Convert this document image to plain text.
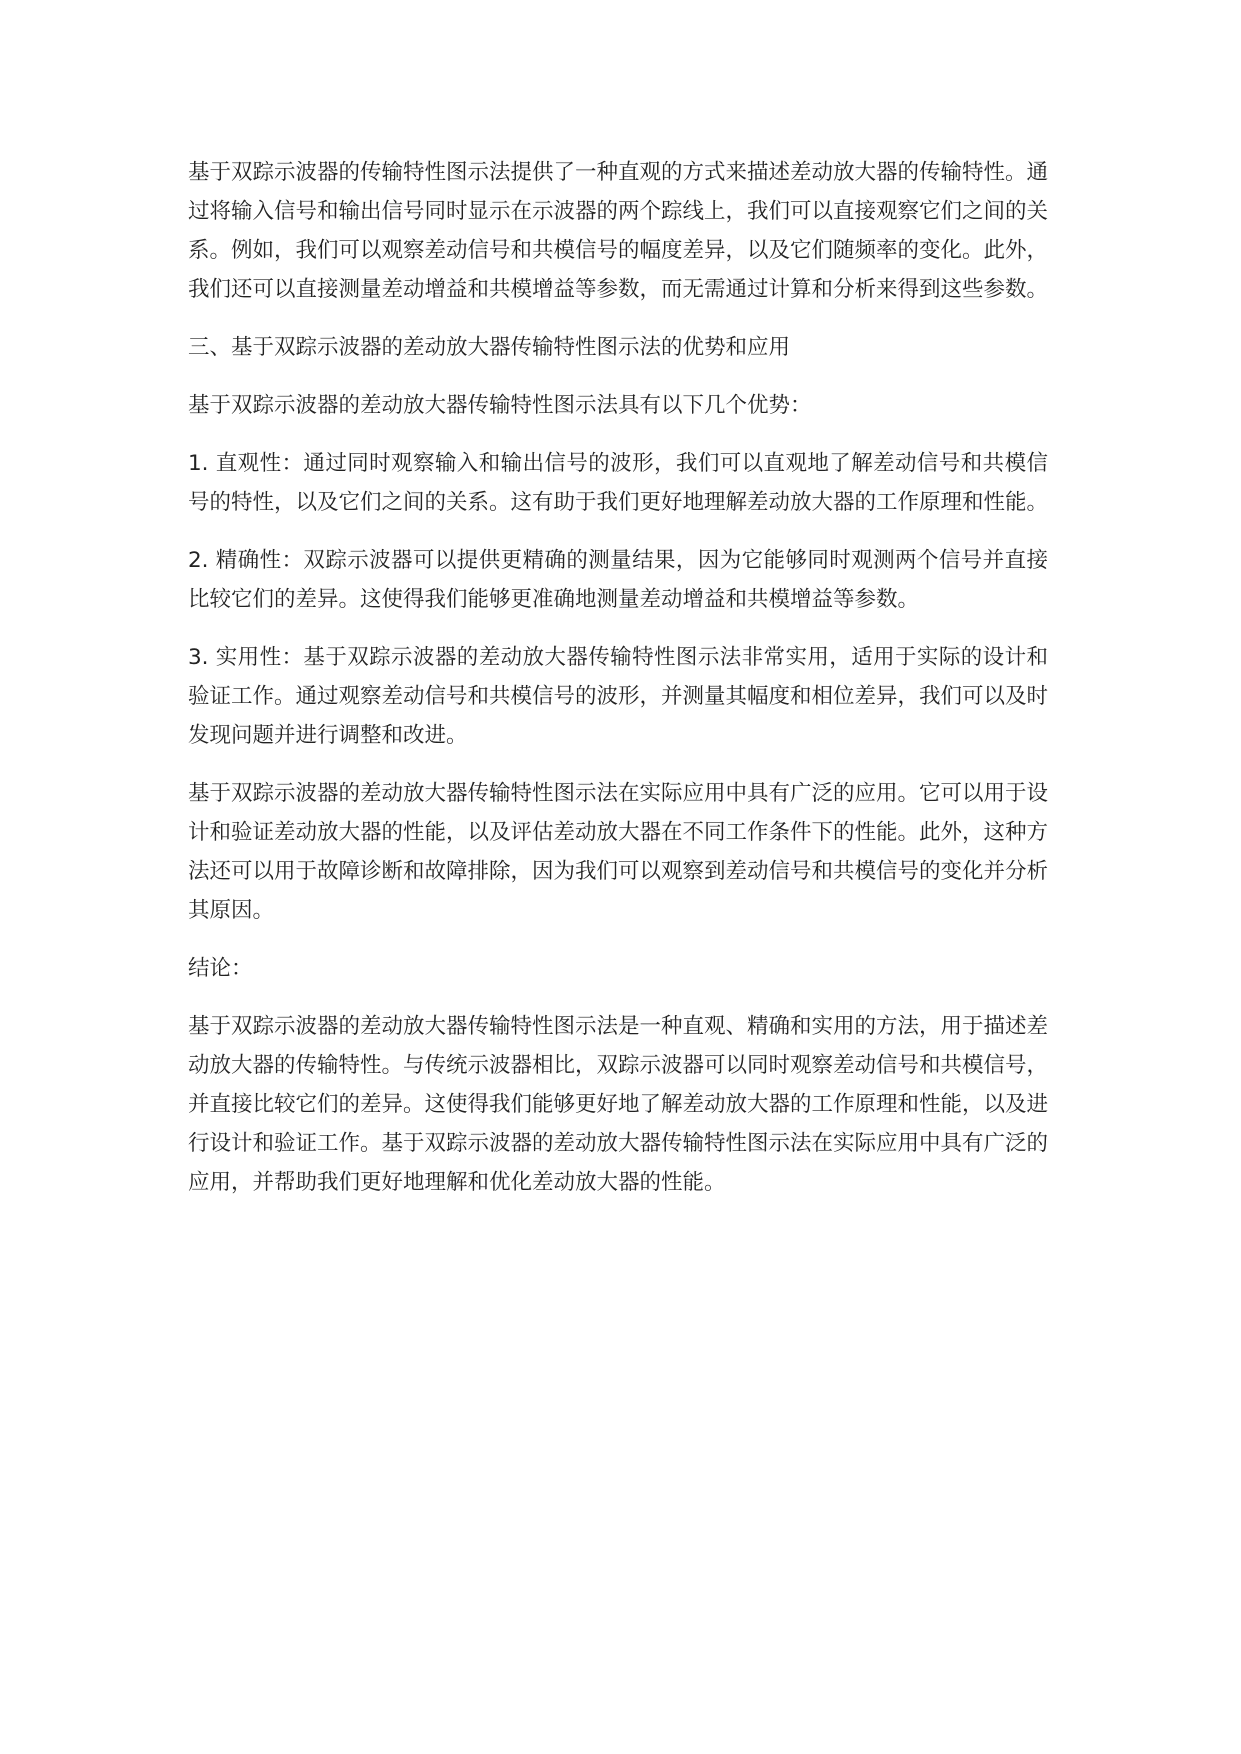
基于双踪示波器的传输特性图示法提供了一种直观的方式来描述差动放大器的传输特性。通过将输入信号和输出信号同时显示在示波器的两个踪线上，我们可以直接观察它们之间的关系。例如，我们可以观察差动信号和共模信号的幅度差异，以及它们随频率的变化。此外，我们还可以直接测量差动增益和共模增益等参数，而无需通过计算和分析来得到这些参数。

三、基于双踪示波器的差动放大器传输特性图示法的优势和应用

基于双踪示波器的差动放大器传输特性图示法具有以下几个优势：

1. 直观性：通过同时观察输入和输出信号的波形，我们可以直观地了解差动信号和共模信号的特性，以及它们之间的关系。这有助于我们更好地理解差动放大器的工作原理和性能。

2. 精确性：双踪示波器可以提供更精确的测量结果，因为它能够同时观测两个信号并直接比较它们的差异。这使得我们能够更准确地测量差动增益和共模增益等参数。

3. 实用性：基于双踪示波器的差动放大器传输特性图示法非常实用，适用于实际的设计和验证工作。通过观察差动信号和共模信号的波形，并测量其幅度和相位差异，我们可以及时发现问题并进行调整和改进。

基于双踪示波器的差动放大器传输特性图示法在实际应用中具有广泛的应用。它可以用于设计和验证差动放大器的性能，以及评估差动放大器在不同工作条件下的性能。此外，这种方法还可以用于故障诊断和故障排除，因为我们可以观察到差动信号和共模信号的变化并分析其原因。

结论：

基于双踪示波器的差动放大器传输特性图示法是一种直观、精确和实用的方法，用于描述差动放大器的传输特性。与传统示波器相比，双踪示波器可以同时观察差动信号和共模信号，并直接比较它们的差异。这使得我们能够更好地了解差动放大器的工作原理和性能，以及进行设计和验证工作。基于双踪示波器的差动放大器传输特性图示法在实际应用中具有广泛的应用，并帮助我们更好地理解和优化差动放大器的性能。
